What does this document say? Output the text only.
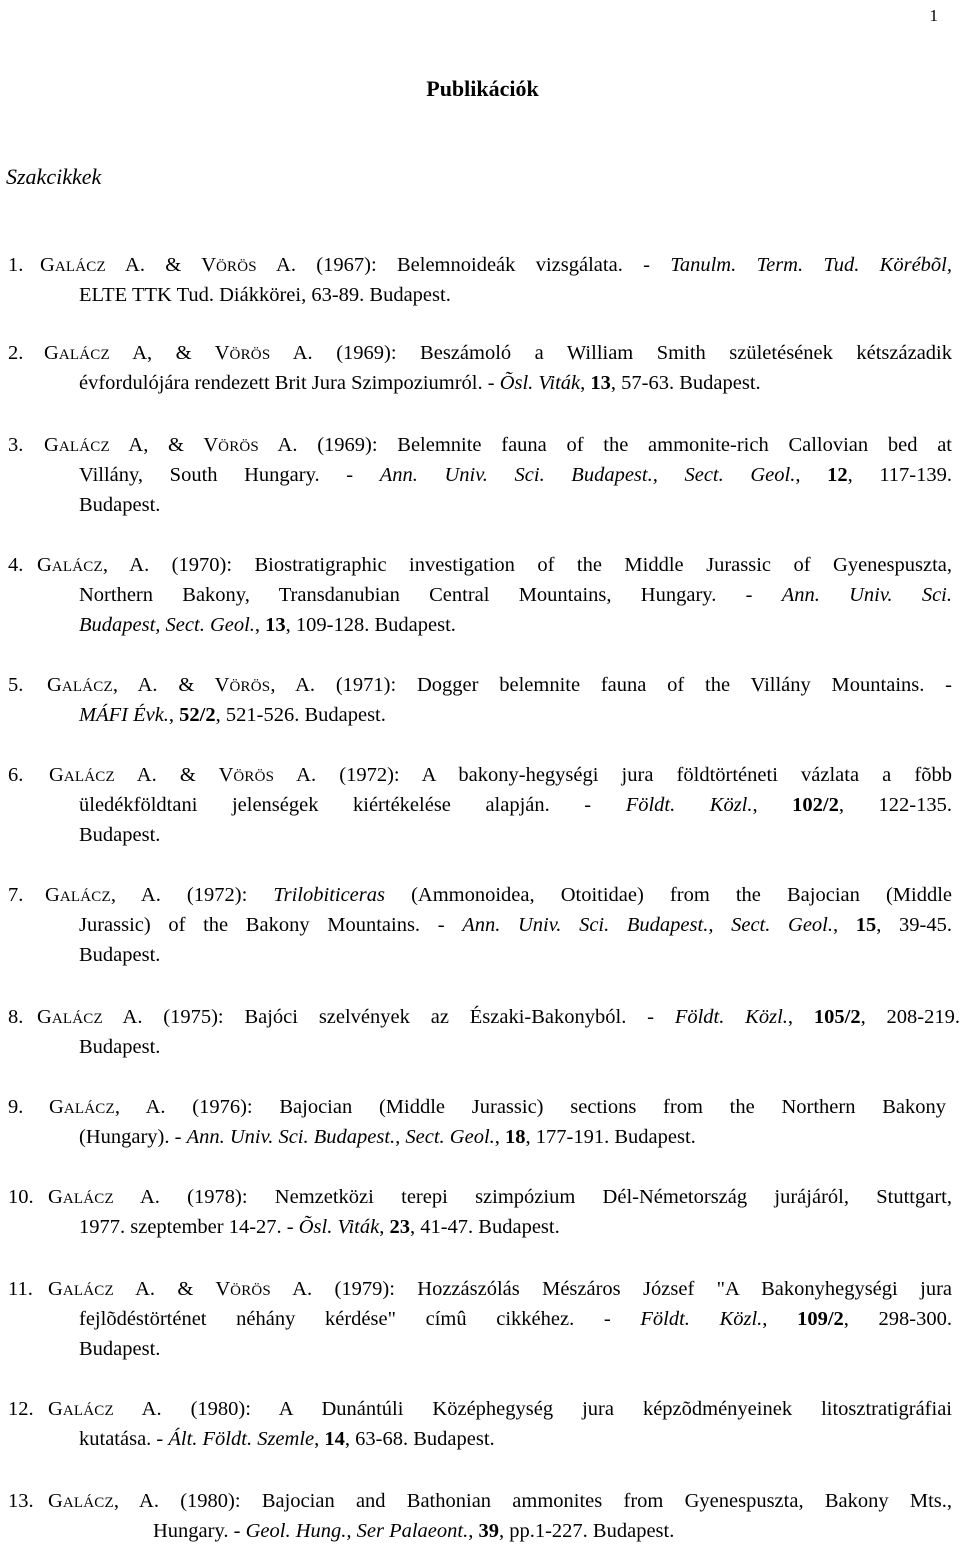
1
Publikációk
Szakcikkek
1. GALÁCZ A. & VÖRÖS A. (1967): Belemnoideák vizsgálata. - Tanulm. Term. Tud. Körébõl,
ELTE TTK Tud. Diákkörei, 63-89. Budapest.
2. GALÁCZ A, & VÖRÖS A. (1969): Beszámoló a William Smith születésének kétszázadik
évfordulójára rendezett Brit Jura Szimpoziumról. - Õsl. Viták, 13, 57-63. Budapest.
3. GALÁCZ A, & VÖRÖS A. (1969): Belemnite fauna of the ammonite-rich Callovian bed at
Villány, South Hungary. - Ann. Univ. Sci. Budapest., Sect. Geol., 12, 117-139.
Budapest.
4. GALÁCZ, A. (1970): Biostratigraphic investigation of the Middle Jurassic of Gyenespuszta,
Northern Bakony, Transdanubian Central Mountains, Hungary. - Ann. Univ. Sci.
Budapest, Sect. Geol., 13, 109-128. Budapest.
5. GALÁCZ, A. & VÖRÖS, A. (1971): Dogger belemnite fauna of the Villány Mountains. -
MÁFI Évk., 52/2, 521-526. Budapest.
6. GALÁCZ A. & VÖRÖS A. (1972): A bakony-hegységi jura földtörténeti vázlata a fõbb
üledékföldtani jelenségek kiértékelése alapján. - Földt. Közl., 102/2, 122-135.
Budapest.
7. GALÁCZ, A. (1972): Trilobiticeras (Ammonoidea, Otoitidae) from the Bajocian (Middle
Jurassic) of the Bakony Mountains. - Ann. Univ. Sci. Budapest., Sect. Geol., 15, 39-45.
Budapest.
8. GALÁCZ A. (1975): Bajóci szelvények az Északi-Bakonyból. - Földt. Közl., 105/2, 208-219.
Budapest.
9. GALÁCZ, A. (1976): Bajocian (Middle Jurassic) sections from the Northern Bakony
(Hungary). - Ann. Univ. Sci. Budapest., Sect. Geol., 18, 177-191. Budapest.
10. GALÁCZ A. (1978): Nemzetközi terepi szimpózium Dél-Németország jurájáról, Stuttgart,
1977. szeptember 14-27. - Õsl. Viták, 23, 41-47. Budapest.
11. GALÁCZ A. & VÖRÖS A. (1979): Hozzászólás Mészáros József "A Bakonyhegységi jura
fejlõdéstörténet néhány kérdése" címû cikkéhez. - Földt. Közl., 109/2, 298-300.
Budapest.
12. GALÁCZ A. (1980): A Dunántúli Középhegység jura képzõdményeinek litosztratigráfiai
kutatása. - Ált. Földt. Szemle, 14, 63-68. Budapest.
13. GALÁCZ, A. (1980): Bajocian and Bathonian ammonites from Gyenespuszta, Bakony Mts.,
Hungary. - Geol. Hung., Ser Palaeont., 39, pp.1-227. Budapest.
